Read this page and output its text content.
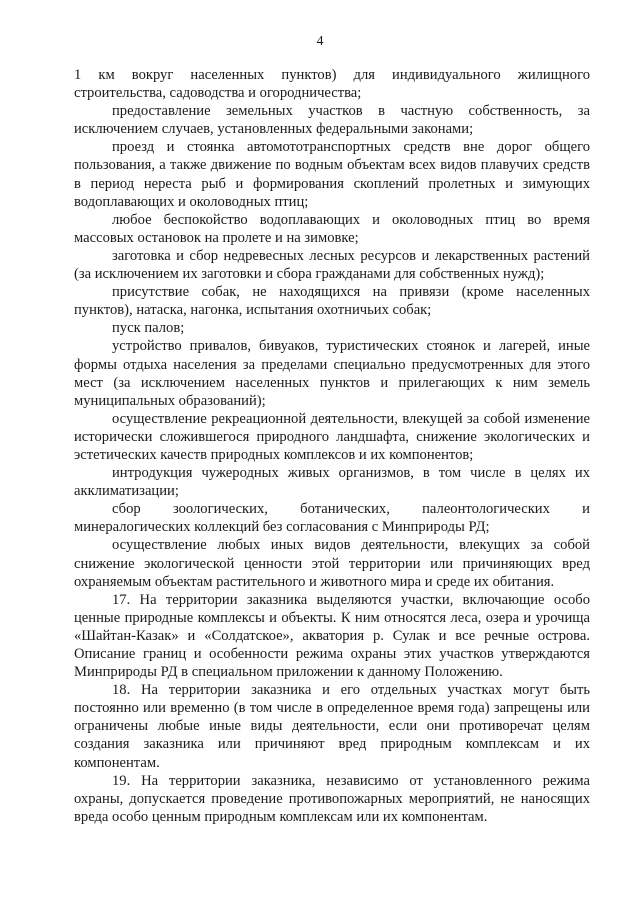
4

1 км вокруг населенных пунктов) для индивидуального жилищного строительства, садоводства и огородничества;

предоставление земельных участков в частную собственность, за исключением случаев, установленных федеральными законами;

проезд и стоянка автомототранспортных средств вне дорог общего пользования, а также движение по водным объектам всех видов плавучих средств в период нереста рыб и формирования скоплений пролетных и зимующих водоплавающих и околоводных птиц;

любое беспокойство водоплавающих и околоводных птиц во время массовых остановок на пролете и на зимовке;

заготовка и сбор недревесных лесных ресурсов и лекарственных растений (за исключением их заготовки и сбора гражданами для собственных нужд);

присутствие собак, не находящихся на привязи (кроме населенных пунктов), натаска, нагонка, испытания охотничьих собак;

пуск палов;

устройство привалов, бивуаков, туристических стоянок и лагерей, иные формы отдыха населения за пределами специально предусмотренных для этого мест (за исключением населенных пунктов и прилегающих к ним земель муниципальных образований);

осуществление рекреационной деятельности, влекущей за собой изменение исторически сложившегося природного ландшафта, снижение экологических и эстетических качеств природных комплексов и их компонентов;

интродукция чужеродных живых организмов, в том числе в целях их акклиматизации;

сбор зоологических, ботанических, палеонтологических и минералогических коллекций без согласования с Минприроды РД;

осуществление любых иных видов деятельности, влекущих за собой снижение экологической ценности этой территории или причиняющих вред охраняемым объектам растительного и животного мира и среде их обитания.

17. На территории заказника выделяются участки, включающие особо ценные природные комплексы и объекты. К ним относятся леса, озера и урочища «Шайтан-Казак» и «Солдатское», акватория р. Сулак и все речные острова. Описание границ и особенности режима охраны этих участков утверждаются Минприроды РД в специальном приложении к данному Положению.

18. На территории заказника и его отдельных участках могут быть постоянно или временно (в том числе в определенное время года) запрещены или ограничены любые иные виды деятельности, если они противоречат целям создания заказника или причиняют вред природным комплексам и их компонентам.

19. На территории заказника, независимо от установленного режима охраны, допускается проведение противопожарных мероприятий, не наносящих вреда особо ценным природным комплексам или их компонентам.
